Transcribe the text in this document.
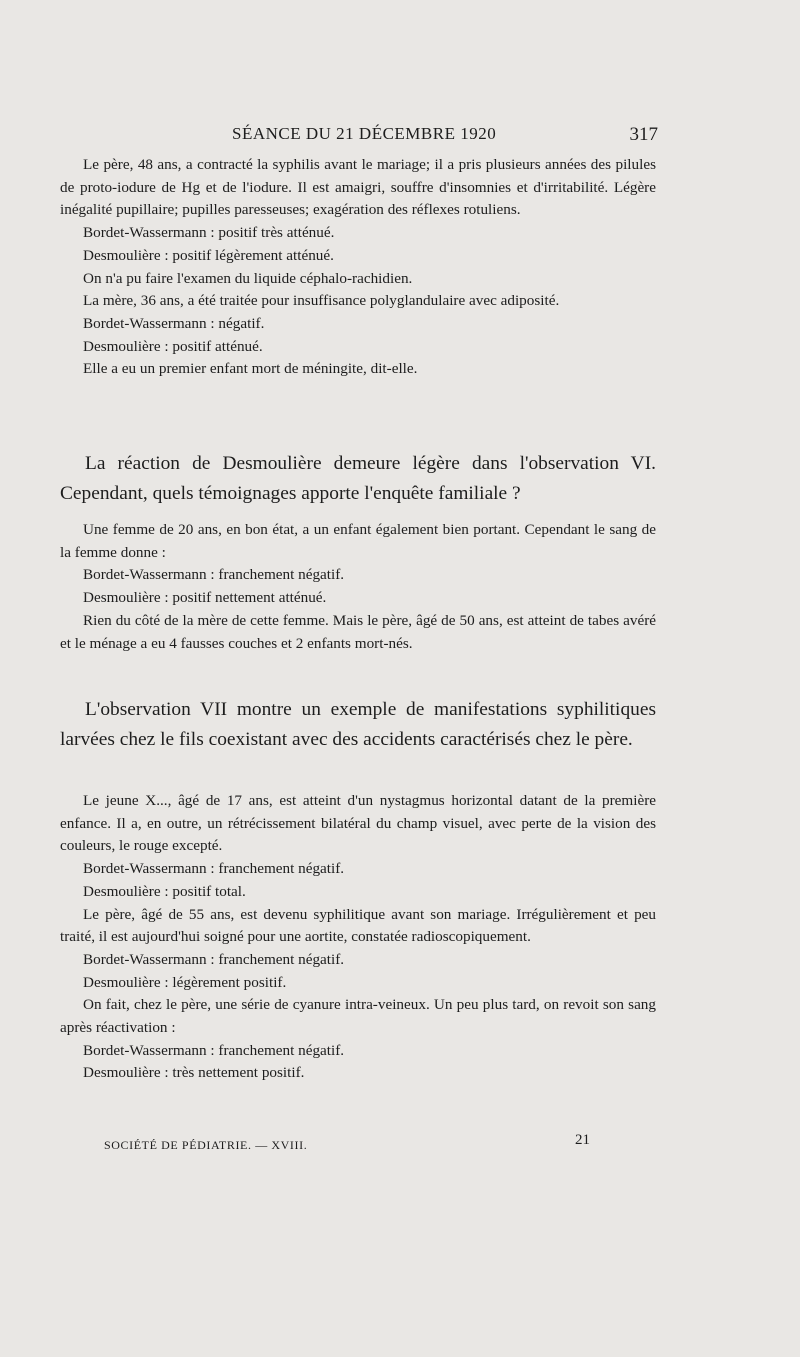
SÉANCE DU 21 DÉCEMBRE 1920	317

Le père, 48 ans, a contracté la syphilis avant le mariage; il a pris plusieurs années des pilules de proto-iodure de Hg et de l'iodure. Il est amaigri, souffre d'insomnies et d'irritabilité. Légère inégalité pupillaire; pupilles paresseuses; exagération des réflexes rotuliens.

Bordet-Wassermann : positif très atténué.

Desmoulière : positif légèrement atténué.

On n'a pu faire l'examen du liquide céphalo-rachidien.

La mère, 36 ans, a été traitée pour insuffisance polyglandulaire avec adiposité.

Bordet-Wassermann : négatif.

Desmoulière : positif atténué.

Elle a eu un premier enfant mort de méningite, dit-elle.

La réaction de Desmoulière demeure légère dans l'observation VI. Cependant, quels témoignages apporte l'enquête familiale ?

Une femme de 20 ans, en bon état, a un enfant également bien portant. Cependant le sang de la femme donne :

Bordet-Wassermann : franchement négatif.

Desmoulière : positif nettement atténué.

Rien du côté de la mère de cette femme. Mais le père, âgé de 50 ans, est atteint de tabes avéré et le ménage a eu 4 fausses couches et 2 enfants mort-nés.

L'observation VII montre un exemple de manifestations syphilitiques larvées chez le fils coexistant avec des accidents caractérisés chez le père.

Le jeune X..., âgé de 17 ans, est atteint d'un nystagmus horizontal datant de la première enfance. Il a, en outre, un rétrécissement bilatéral du champ visuel, avec perte de la vision des couleurs, le rouge excepté.

Bordet-Wassermann : franchement négatif.

Desmoulière : positif total.

Le père, âgé de 55 ans, est devenu syphilitique avant son mariage. Irrégulièrement et peu traité, il est aujourd'hui soigné pour une aortite, constatée radioscopiquement.

Bordet-Wassermann : franchement négatif.

Desmoulière : légèrement positif.

On fait, chez le père, une série de cyanure intra-veineux. Un peu plus tard, on revoit son sang après réactivation :

Bordet-Wassermann : franchement négatif.

Desmoulière : très nettement positif.

SOCIÉTÉ DE PÉDIATRIE. — XVIII.	21
